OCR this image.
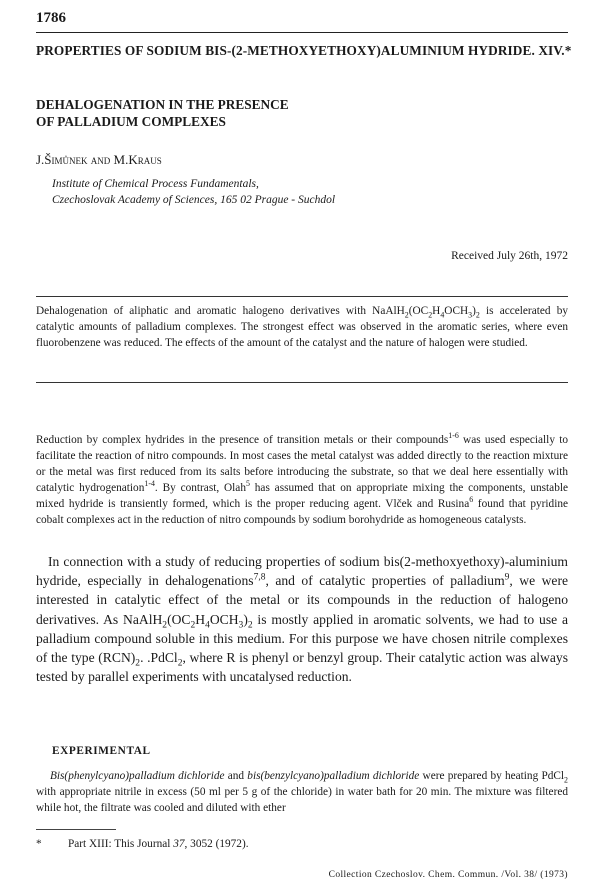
1786
PROPERTIES OF SODIUM BIS-(2-METHOXYETHOXY)ALUMINIUM HYDRIDE. XIV.*
DEHALOGENATION IN THE PRESENCE
OF PALLADIUM COMPLEXES
J.Šimůnek and M.Kraus
Institute of Chemical Process Fundamentals,
Czechoslovak Academy of Sciences, 165 02 Prague - Suchdol
Received July 26th, 1972
Dehalogenation of aliphatic and aromatic halogeno derivatives with $NaAlH_2(OC_2H_4OCH_3)_2$ is accelerated by catalytic amounts of palladium complexes. The strongest effect was observed in the aromatic series, where even fluorobenzene was reduced. The effects of the amount of the catalyst and the nature of halogen were studied.
Reduction by complex hydrides in the presence of transition metals or their compounds$^{1-6}$ was used especially to facilitate the reaction of nitro compounds. In most cases the metal catalyst was added directly to the reaction mixture or the metal was first reduced from its salts before introducing the substrate, so that we deal here essentially with catalytic hydrogenation$^{1-4}$. By contrast, Olah$^5$ has assumed that on appropriate mixing the components, unstable mixed hydride is transiently formed, which is the proper reducing agent. Vlček and Rusina$^6$ found that pyridine cobalt complexes act in the reduction of nitro compounds by sodium borohydride as homogeneous catalysts.
In connection with a study of reducing properties of sodium bis(2-methoxyethoxy)-aluminium hydride, especially in dehalogenations$^{7,8}$, and of catalytic properties of palladium$^9$, we were interested in catalytic effect of the metal or its compounds in the reduction of halogeno derivatives. As $NaAlH_2(OC_2H_4OCH_3)_2$ is mostly applied in aromatic solvents, we had to use a palladium compound soluble in this medium. For this purpose we have chosen nitrile complexes of the type $(RCN)_2$. .PdCl$_2$, where R is phenyl or benzyl group. Their catalytic action was always tested by parallel experiments with uncatalysed reduction.
EXPERIMENTAL
Bis(phenylcyano)palladium dichloride and bis(benzylcyano)palladium dichloride were prepared by heating PdCl$_2$ with appropriate nitrile in excess (50 ml per 5 g of the chloride) in water bath for 20 min. The mixture was filtered while hot, the filtrate was cooled and diluted with ether
* Part XIII: This Journal 37, 3052 (1972).
Collection Czechoslov. Chem. Commun. /Vol. 38/ (1973)
